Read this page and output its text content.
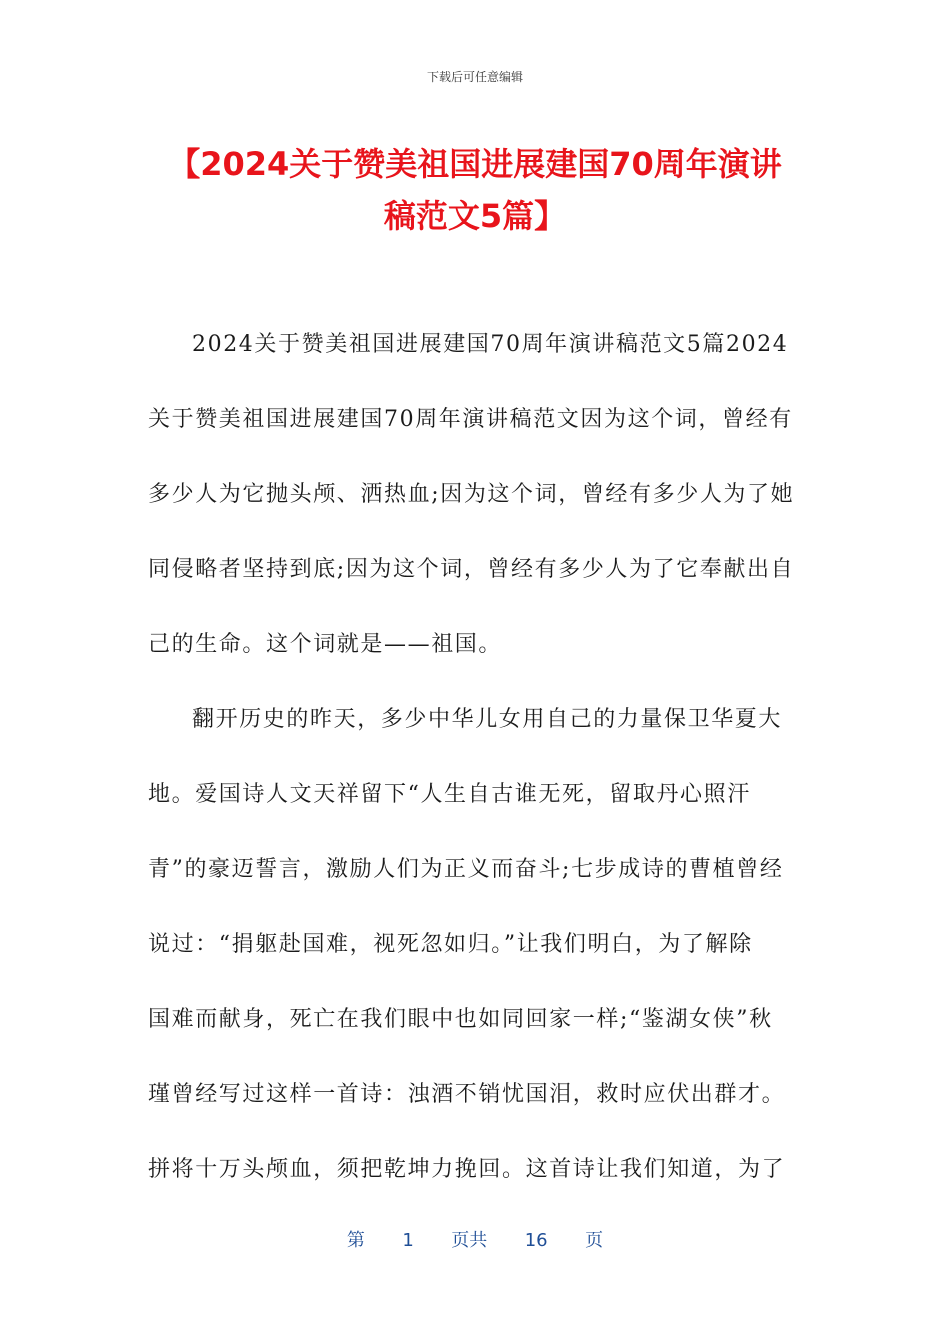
下载后可任意编辑
【2024关于赞美祖国进展建国70周年演讲
稿范文5篇】
2024关于赞美祖国进展建国70周年演讲稿范文5篇2024
关于赞美祖国进展建国70周年演讲稿范文因为这个词，曾经有
多少人为它抛头颅、洒热血;因为这个词，曾经有多少人为了她
同侵略者坚持到底;因为这个词，曾经有多少人为了它奉献出自
己的生命。这个词就是——祖国。
翻开历史的昨天，多少中华儿女用自己的力量保卫华夏大
地。爱国诗人文天祥留下“人生自古谁无死，留取丹心照汗
青”的豪迈誓言，激励人们为正义而奋斗;七步成诗的曹植曾经
说过：“捐躯赴国难，视死忽如归。”让我们明白，为了解除
国难而献身，死亡在我们眼中也如同回家一样;“鉴湖女侠”秋
瑾曾经写过这样一首诗：浊酒不销忧国泪，救时应伏出群才。
拼将十万头颅血，须把乾坤力挽回。这首诗让我们知道，为了
第 1 页共 16 页
